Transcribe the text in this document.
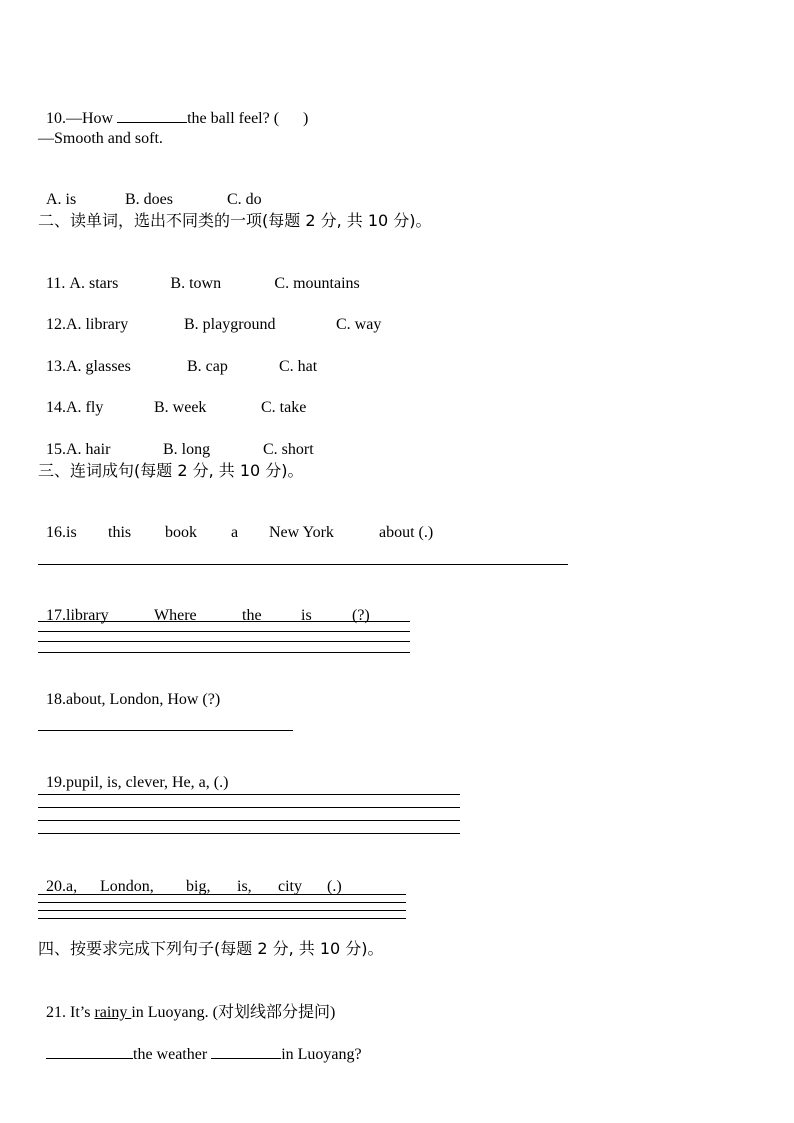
10.—How	the ball feel? (      )

—Smooth and soft.

A. is	B. does	C. do

二、读单词，选出不同类的一项(每题 2 分, 共 10 分)。

11. A. stars	B. town	C. mountains

12.A. library	B. playground	C. way

13.A. glasses	B. cap	C. hat

14.A. fly	B. week	C. take

15.A. hair	B. long	C. short

三、连词成句(每题 2 分, 共 10 分)。

16.is this book a New York	about (.)

17.library	Where	the is	(?)

18.about, London, How (?)

19.pupil, is, clever, He, a, (.)

20.a, London, big, is, city (.)

四、按要求完成下列句子(每题 2 分, 共 10 分)。

21. It’s rainy in Luoyang. (对划线部分提问)

the weather	in Luoyang?
